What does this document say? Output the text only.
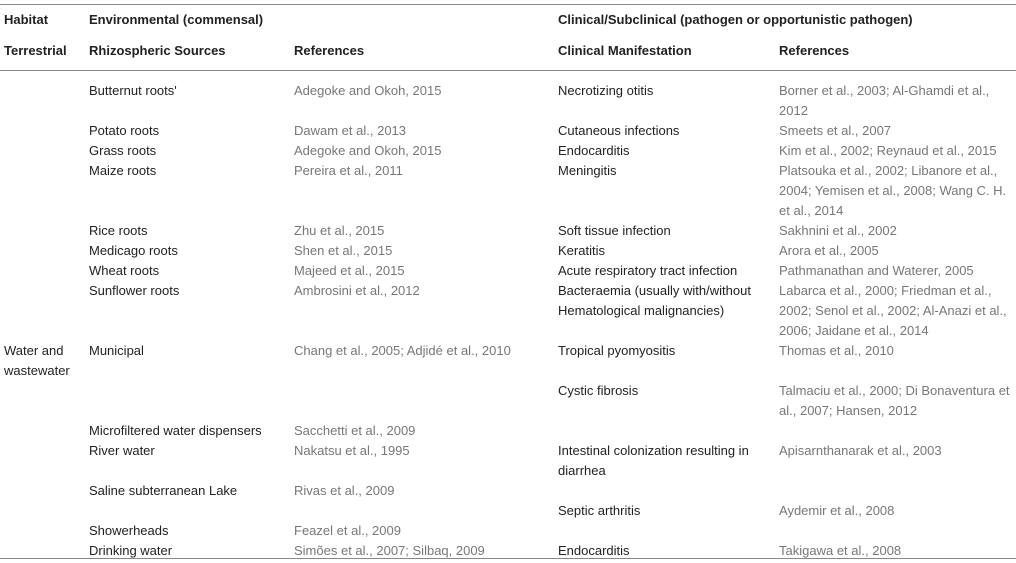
Habitat	Environmental (commensal)		Clinical/Subclinical (pathogen or opportunistic pathogen)	
Terrestrial	Rhizospheric Sources	References	Clinical Manifestation	References
	Butternut roots'	Adegoke and Okoh, 2015	Necrotizing otitis	Borner et al., 2003; Al-Ghamdi et al., 2012
	Potato roots	Dawam et al., 2013	Cutaneous infections	Smeets et al., 2007
	Grass roots	Adegoke and Okoh, 2015	Endocarditis	Kim et al., 2002; Reynaud et al., 2015
	Maize roots	Pereira et al., 2011	Meningitis	Platsouka et al., 2002; Libanore et al., 2004; Yemisen et al., 2008; Wang C. H. et al., 2014
	Rice roots	Zhu et al., 2015	Soft tissue infection	Sakhnini et al., 2002
	Medicago roots	Shen et al., 2015	Keratitis	Arora et al., 2005
	Wheat roots	Majeed et al., 2015	Acute respiratory tract infection	Pathmanathan and Waterer, 2005
	Sunflower roots	Ambrosini et al., 2012	Bacteraemia (usually with/without Hematological malignancies)	Labarca et al., 2000; Friedman et al., 2002; Senol et al., 2002; Al-Anazi et al., 2006; Jaidane et al., 2014
Water and wastewater	Municipal	Chang et al., 2005; Adjidé et al., 2010	Tropical pyomyositis	Thomas et al., 2010
			Cystic fibrosis	Talmaciu et al., 2000; Di Bonaventura et al., 2007; Hansen, 2012
	Microfiltered water dispensers	Sacchetti et al., 2009		
	River water	Nakatsu et al., 1995	Intestinal colonization resulting in diarrhea	Apisarnthanarak et al., 2003
	Saline subterranean Lake	Rivas et al., 2009		
			Septic arthritis	Aydemir et al., 2008
	Showerheads	Feazel et al., 2009		
	Drinking water	Simões et al., 2007; Silbaq, 2009	Endocarditis	Takigawa et al., 2008
